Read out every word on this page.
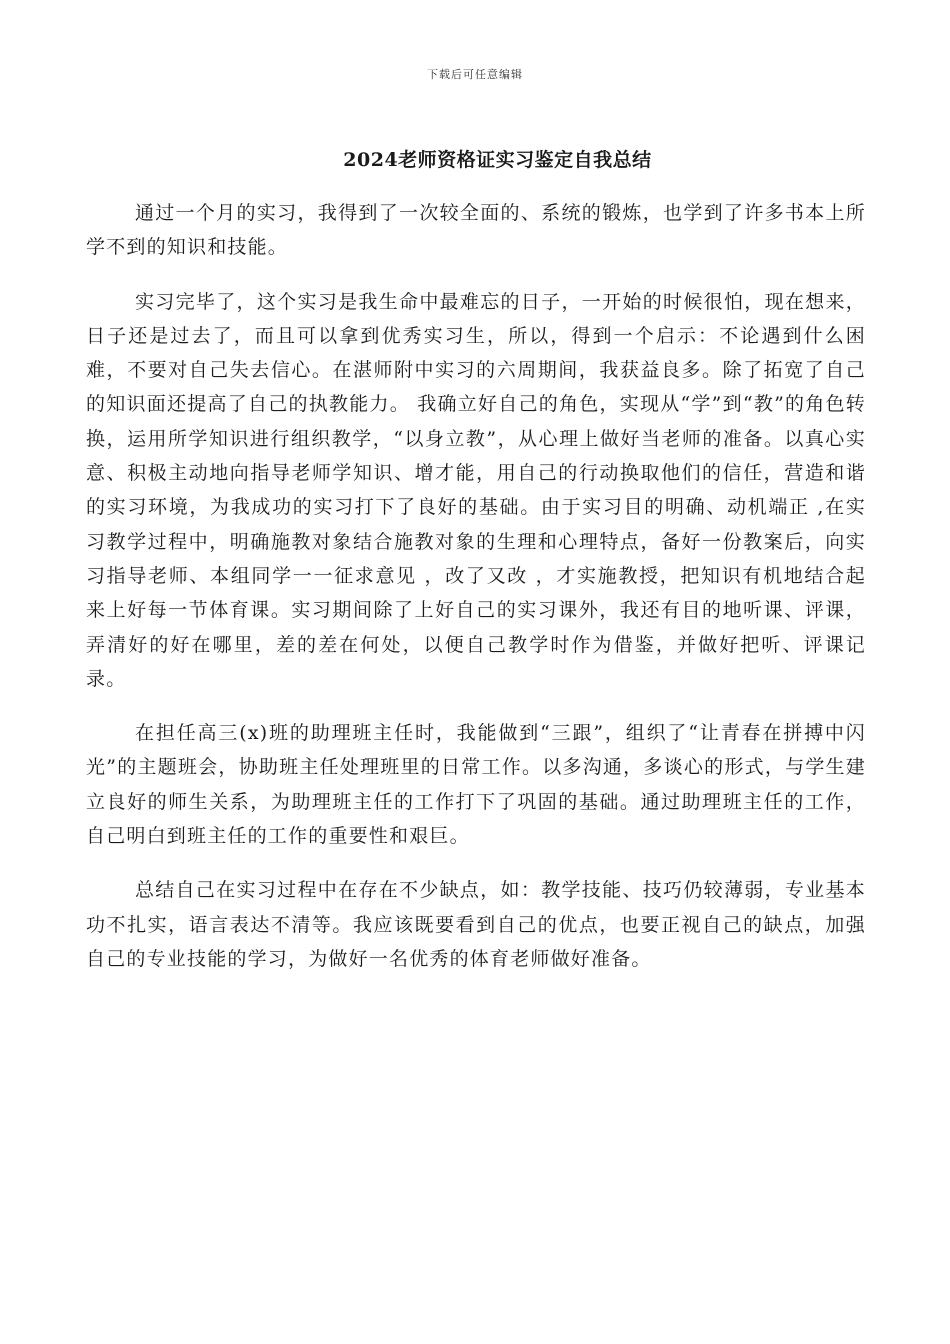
下载后可任意编辑
2024老师资格证实习鉴定自我总结

通过一个月的实习，我得到了一次较全面的、系统的锻炼，也学到了许多书本上所学不到的知识和技能。

实习完毕了，这个实习是我生命中最难忘的日子，一开始的时候很怕，现在想来，日子还是过去了，而且可以拿到优秀实习生，所以，得到一个启示：不论遇到什么困难，不要对自己失去信心。在湛师附中实习的六周期间，我获益良多。除了拓宽了自己的知识面还提高了自己的执教能力。 我确立好自己的角色，实现从“学”到“教”的角色转换，运用所学知识进行组织教学，“以身立教”，从心理上做好当老师的准备。以真心实意、积极主动地向指导老师学知识、增才能，用自己的行动换取他们的信任，营造和谐的实习环境，为我成功的实习打下了良好的基础。由于实习目的明确、动机端正 ,在实习教学过程中，明确施教对象结合施教对象的生理和心理特点，备好一份教案后，向实习指导老师、本组同学一一征求意见 ，改了又改 ，才实施教授，把知识有机地结合起来上好每一节体育课。实习期间除了上好自己的实习课外，我还有目的地听课、评课，弄清好的好在哪里，差的差在何处，以便自己教学时作为借鉴，并做好把听、评课记录。

在担任高三(x)班的助理班主任时，我能做到“三跟”，组织了“让青春在拼搏中闪光”的主题班会，协助班主任处理班里的日常工作。以多沟通，多谈心的形式，与学生建立良好的师生关系，为助理班主任的工作打下了巩固的基础。通过助理班主任的工作，自己明白到班主任的工作的重要性和艰巨。

总结自己在实习过程中在存在不少缺点，如：教学技能、技巧仍较薄弱，专业基本功不扎实，语言表达不清等。我应该既要看到自己的优点，也要正视自己的缺点，加强自己的专业技能的学习，为做好一名优秀的体育老师做好准备。
